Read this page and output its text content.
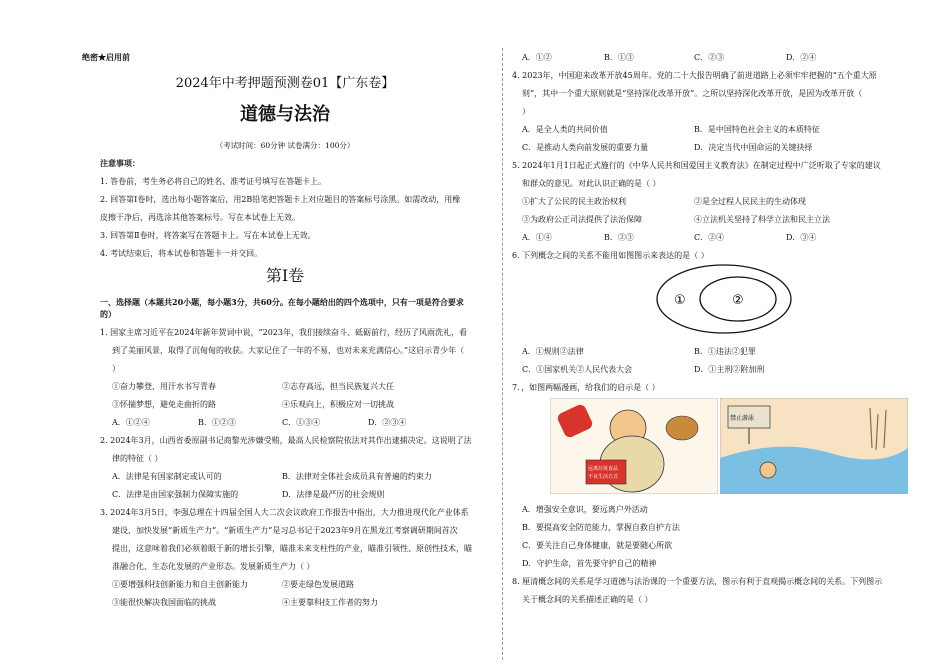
绝密★启用前
2024年中考押题预测卷01【广东卷】
道德与法治
（考试时间：60分钟 试卷满分：100分）
注意事项：
1. 答卷前，考生务必将自己的姓名、准考证号填写在答题卡上。
2. 回答第Ⅰ卷时，选出每小题答案后，用2B铅笔把答题卡上对应题目的答案标号涂黑。如需改动，用橡
皮擦干净后，再选涂其他答案标号。写在本试卷上无效。
3. 回答第Ⅱ卷时，将答案写在答题卡上。写在本试卷上无效。
4. 考试结束后，将本试卷和答题卡一并交回。
第Ⅰ卷
一、选择题（本题共20小题，每小题3分，共60分。在每小题给出的四个选项中，只有一项是符合要求
的）
1. 国家主席习近平在2024年新年贺词中说，“2023年，我们接续奋斗、砥砺前行，经历了风雨洗礼，看
到了美丽风景，取得了沉甸甸的收获。大家记住了一年的不易，也对未来充满信心。”这启示青少年（
）
①奋力攀登，用汗水书写青春	②志存高远，担当民族复兴大任
③怀揣梦想，避免走曲折的路	④乐观向上，积极应对一切挑战
A．①②④	B．①②③	C．①③④	D．②③④
2. 2024年3月，山西省委原副书记商黎光涉嫌受贿，最高人民检察院依法对其作出逮捕决定。这说明了法
律的特征（ ）
A．法律是有国家制定或认可的	B．法律对全体社会成员具有普遍的约束力
C．法律是由国家强制力保障实施的	D．法律是最严厉的社会规则
3. 2024年3月5日，李强总理在十四届全国人大二次会议政府工作报告中指出，大力推进现代化产业体系
建设，加快发展“新质生产力”。“新质生产力”是习总书记于2023年9月在黑龙江考察调研期间首次
提出，这意味着我们必须着眼于新的增长引擎，瞄准未来支柱性的产业，瞄准引领性、原创性技术，瞄
准融合化、生态化发展的产业形态。发展新质生产力（ ）
①要增强科技创新能力和自主创新能力	②要走绿色发展道路
③能很快解决我国面临的挑战	④主要靠科技工作者的努力
A．①②	B．①③	C．②③	D．②④
4. 2023年，中国迎来改革开放45周年。党的二十大报告明确了前进道路上必须牢牢把握的“五个重大原
则”，其中一个重大原则就是“坚持深化改革开放”。之所以坚持深化改革开放，是因为改革开放（
）
A．是全人类的共同价值	B．是中国特色社会主义的本质特征
C．是推动人类向前发展的重要力量	D．决定当代中国命运的关键抉择
5. 2024年1月1日起正式施行的《中华人民共和国爱国主义教育法》在制定过程中广泛听取了专家的建议
和群众的意见。对此认识正确的是（ ）
①扩大了公民的民主政治权利	②是全过程人民民主的生动体现
③为政府公正司法提供了法治保障	④立法机关坚持了科学立法和民主立法
A．①④	B．②③	C．②④	D．③④
6. 下列概念之间的关系不能用如图图示来表达的是（ ）
①	②
A．①规则②法律	B．①违法②犯罪
C．①国家机关②人民代表大会	D．①主刑②附加刑
7．，如图两幅漫画，给我们的启示是（ ）
远离垃圾食品
不良生活方式
禁止游泳
A．增强安全意识，要远离户外活动
B．要提高安全防范能力，掌握自救自护方法
C．要关注自己身体健康，就是要随心所欲
D．守护生命，首先要守护自己的精神
8. 厘清概念间的关系是学习道德与法治课的一个重要方法，图示有利于直观揭示概念间的关系。下列图示
关于概念间的关系描述正确的是（ ）
